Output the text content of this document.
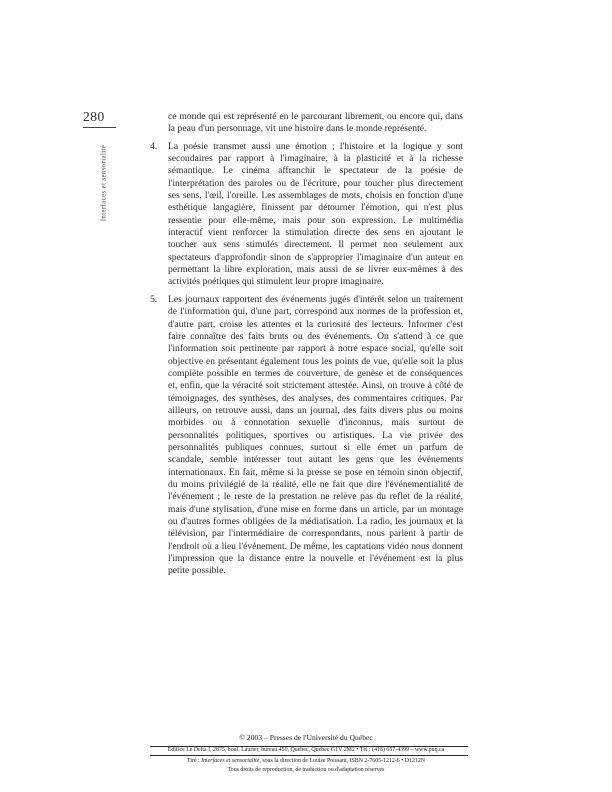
280
Interfaces et sensorialité
ce monde qui est représenté en le parcourant librement, ou encore qui, dans la peau d'un personnage, vit une histoire dans le monde représenté.
4. La poésie transmet aussi une émotion ; l'histoire et la logique y sont secondaires par rapport à l'imaginaire, à la plasticité et à la richesse sémantique. Le cinéma affranchit le spectateur de la poésie de l'interprétation des paroles ou de l'écriture, pour toucher plus directement ses sens, l'œil, l'oreille. Les assemblages de mots, choisis en fonction d'une esthétique langagière, finissent par détourner l'émotion, qui n'est plus ressentie pour elle-même, mais pour son expression. Le multimédia interactif vient renforcer la stimulation directe des sens en ajoutant le toucher aux sens stimulés directement. Il permet non seulement aux spectateurs d'approfondir sinon de s'approprier l'imaginaire d'un auteur en permettant la libre exploration, mais aussi de se livrer eux-mêmes à des activités poétiques qui stimulent leur propre imaginaire.
5. Les journaux rapportent des événements jugés d'intérêt selon un traitement de l'information qui, d'une part, correspond aux normes de la profession et, d'autre part, croise les attentes et la curiosité des lecteurs. Informer c'est faire connaître des faits bruts ou des événements. On s'attend à ce que l'information soit pertinente par rapport à notre espace social, qu'elle soit objective en présentant également tous les points de vue, qu'elle soit la plus complète possible en termes de couverture, de genèse et de conséquences et, enfin, que la véracité soit strictement attestée. Ainsi, on trouve à côté de témoignages, des synthèses, des analyses, des commentaires critiques. Par ailleurs, on retrouve aussi, dans un journal, des faits divers plus ou moins morbides ou à connotation sexuelle d'inconnus, mais surtout de personnalités politiques, sportives ou artistiques. La vie privée des personnalités publiques connues, surtout si elle émet un parfum de scandale, semble intéresser tout autant les gens que les événements internationaux. En fait, même si la presse se pose en témoin sinon objectif, du moins privilégié de la réalité, elle ne fait que dire l'événementialité de l'événement ; le reste de la prestation ne relève pas du reflet de la réalité, mais d'une stylisation, d'une mise en forme dans un article, par un montage ou d'autres formes obligées de la médiatisation. La radio, les journaux et la télévision, par l'intermédiaire de correspondants, nous parlent à partir de l'endroit où a lieu l'événement. De même, les captations vidéo nous donnent l'impression que la distance entre la nouvelle et l'événement est la plus petite possible.
© 2003 – Presses de l'Université du Québec
Édifice Le Delta I, 2875, boul. Laurier, bureau 450, Québec, Québec G1V 2M2 • Tél : (418) 657-4399 – www.puq.ca
Tiré : Interfaces et sensorialité, sous la direction de Louise Poissant, ISBN 2-7605-1212-6 • D1212N
Tous droits de reproduction, de traduction ou d'adaptation réservés
